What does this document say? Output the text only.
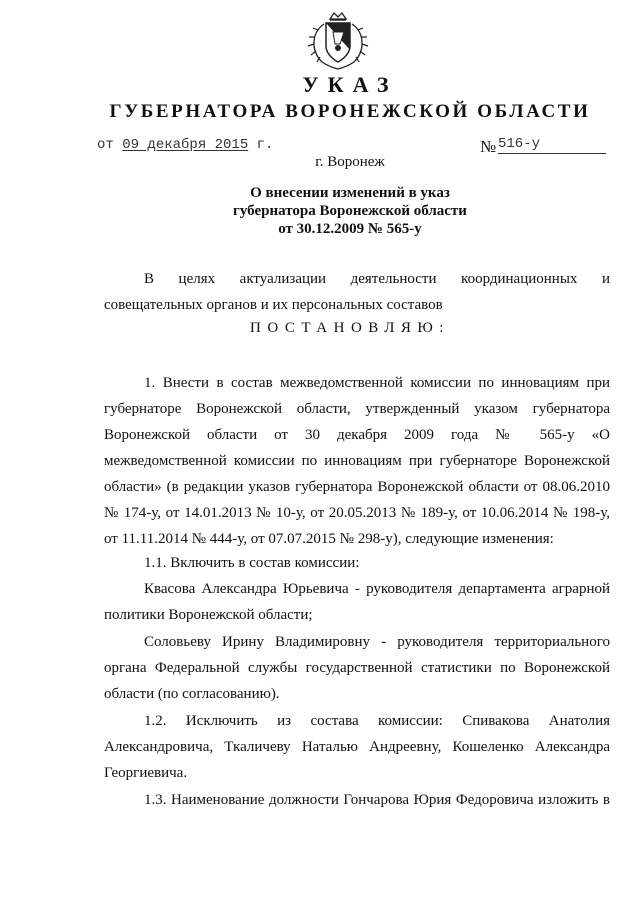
УКАЗ
ГУБЕРНАТОРА ВОРОНЕЖСКОЙ ОБЛАСТИ
от 09 декабря 2015 г.	№ 516-у
г. Воронеж
О внесении изменений в указ
губернатора Воронежской области
от 30.12.2009 № 565-у
В целях актуализации деятельности координационных и
совещательных органов и их персональных составов
ПОСТАНОВЛЯЮ:
1. Внести в состав межведомственной комиссии по инновациям при
губернаторе Воронежской области, утвержденный указом губернатора
Воронежской области от 30 декабря 2009 года № 565-у «О
межведомственной комиссии по инновациям при губернаторе Воронежской
области» (в редакции указов губернатора Воронежской области от 08.06.2010
№ 174-у, от 14.01.2013 № 10-у, от 20.05.2013 № 189-у, от 10.06.2014 № 198-у,
от 11.11.2014 № 444-у, от 07.07.2015 № 298-у), следующие изменения:
1.1. Включить в состав комиссии:
Квасова Александра Юрьевича - руководителя департамента аграрной
политики Воронежской области;
Соловьеву Ирину Владимировну - руководителя территориального
органа Федеральной службы государственной статистики по Воронежской
области (по согласованию).
1.2. Исключить из состава комиссии: Спивакова Анатолия
Александровича, Ткаличеву Наталью Андреевну, Кошеленко Александра
Георгиевича.
1.3. Наименование должности Гончарова Юрия Федоровича изложить в
